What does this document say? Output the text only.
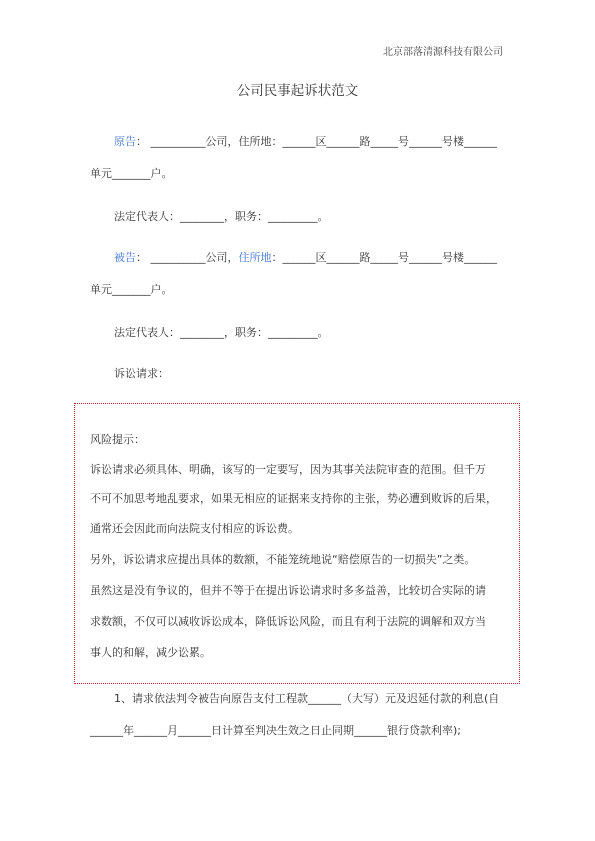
北京部落清源科技有限公司
公司民事起诉状范文
原告： __________公司，住所地：______区______路_____号______号楼______
单元_______户。
法定代表人：________，职务：_________。
被告： __________公司，住所地：______区______路_____号______号楼______
单元_______户。
法定代表人：________，职务：_________。
诉讼请求：
风险提示：
诉讼请求必须具体、明确，该写的一定要写，因为其事关法院审查的范围。但千万
不可不加思考地乱要求，如果无相应的证据来支持你的主张，势必遭到败诉的后果，
通常还会因此而向法院支付相应的诉讼费。
另外，诉讼请求应提出具体的数额，不能笼统地说“赔偿原告的一切损失”之类。
虽然这是没有争议的，但并不等于在提出诉讼请求时多多益善，比较切合实际的请
求数额，不仅可以减收诉讼成本，降低诉讼风险，而且有利于法院的调解和双方当
事人的和解，减少讼累。
1、请求依法判令被告向原告支付工程款______（大写）元及迟延付款的利息(自
______年______月______日计算至判决生效之日止同期______银行贷款利率);
